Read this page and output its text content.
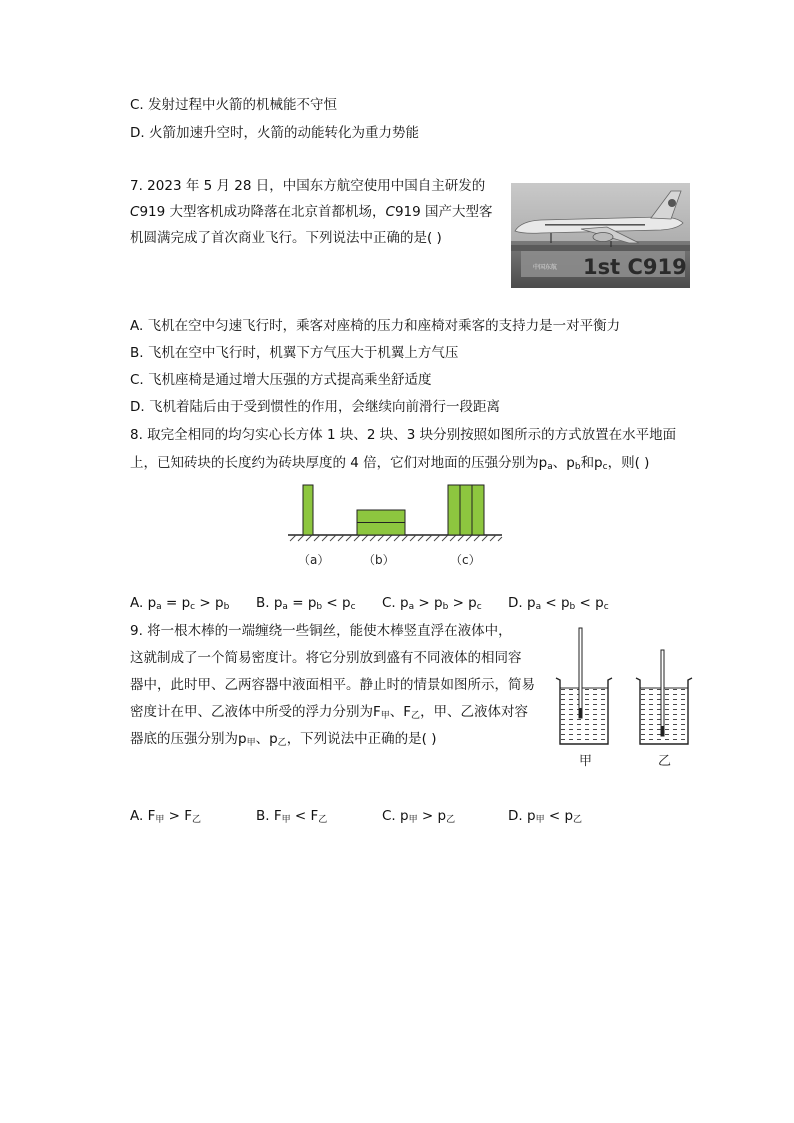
C. 发射过程中火箭的机械能不守恒
D. 火箭加速升空时，火箭的动能转化为重力势能
7. 2023 年 5 月 28 日，中国东方航空使用中国自主研发的
C919 大型客机成功降落在北京首都机场，C919 国产大型客
机圆满完成了首次商业飞行。下列说法中正确的是( )
中国东航 1st C919
A. 飞机在空中匀速飞行时，乘客对座椅的压力和座椅对乘客的支持力是一对平衡力
B. 飞机在空中飞行时，机翼下方气压大于机翼上方气压
C. 飞机座椅是通过增大压强的方式提高乘坐舒适度
D. 飞机着陆后由于受到惯性的作用，会继续向前滑行一段距离
8. 取完全相同的均匀实心长方体 1 块、2 块、3 块分别按照如图所示的方式放置在水平地面
上，已知砖块的长度约为砖块厚度的 4 倍，它们对地面的压强分别为$p_a$、$p_b$和$p_c$，则( )
（a）	（b）	（c）
A. $p_a = p_c > p_b$ B. $p_a = p_b < p_c$ C. $p_a > p_b > p_c$ D. $p_a < p_b < p_c$
9. 将一根木棒的一端缠绕一些铜丝，能使木棒竖直浮在液体中，
这就制成了一个简易密度计。将它分别放到盛有不同液体的相同容
器中，此时甲、乙两容器中液面相平。静止时的情景如图所示，简易
密度计在甲、乙液体中所受的浮力分别为$F_甲$、$F_乙$，甲、乙液体对容
器底的压强分别为$p_甲$、$p_乙$，下列说法中正确的是( )
甲	乙
A. $F_甲 > F_乙$	B. $F_甲 < F_乙$	C. $p_甲 > p_乙$	D. $p_甲 < p_乙$
